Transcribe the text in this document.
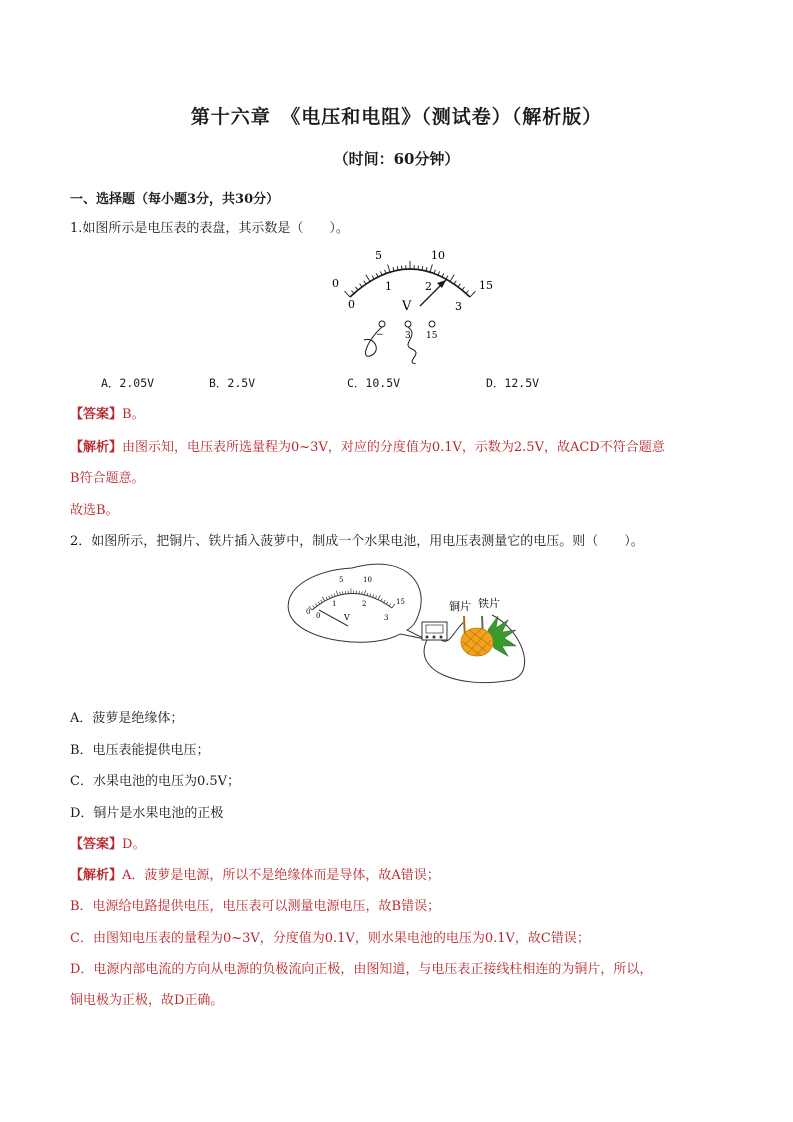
第十六章　《电压和电阻》（测试卷）（解析版）
（时间：60分钟）
一、选择题（每小题3分，共30分）
1.如图所示是电压表的表盘，其示数是（　　）。
0
5	10
15
0
1	2
3
V
− 3 15
A．2.05V	B．2.5V	C．10.5V	D．12.5V
【答案】B。
【解析】由图示知，电压表所选量程为0~3V，对应的分度值为0.1V，示数为2.5V，故ACD不符合题意
B符合题意。
故选B。
2．如图所示，把铜片、铁片插入菠萝中，制成一个水果电池，用电压表测量它的电压。则（　　）。
0
5	10
15
0
1	2
3
V
铜片 铁片
A．菠萝是绝缘体；
B．电压表能提供电压；
C．水果电池的电压为0.5V；
D．铜片是水果电池的正极
【答案】D。
【解析】A．菠萝是电源，所以不是绝缘体而是导体，故A错误；
B．电源给电路提供电压，电压表可以测量电源电压，故B错误；
C．由图知电压表的量程为0~3V，分度值为0.1V，则水果电池的电压为0.1V，故C错误；
D．电源内部电流的方向从电源的负极流向正极，由图知道，与电压表正接线柱相连的为铜片，所以，
铜电极为正极，故D正确。
